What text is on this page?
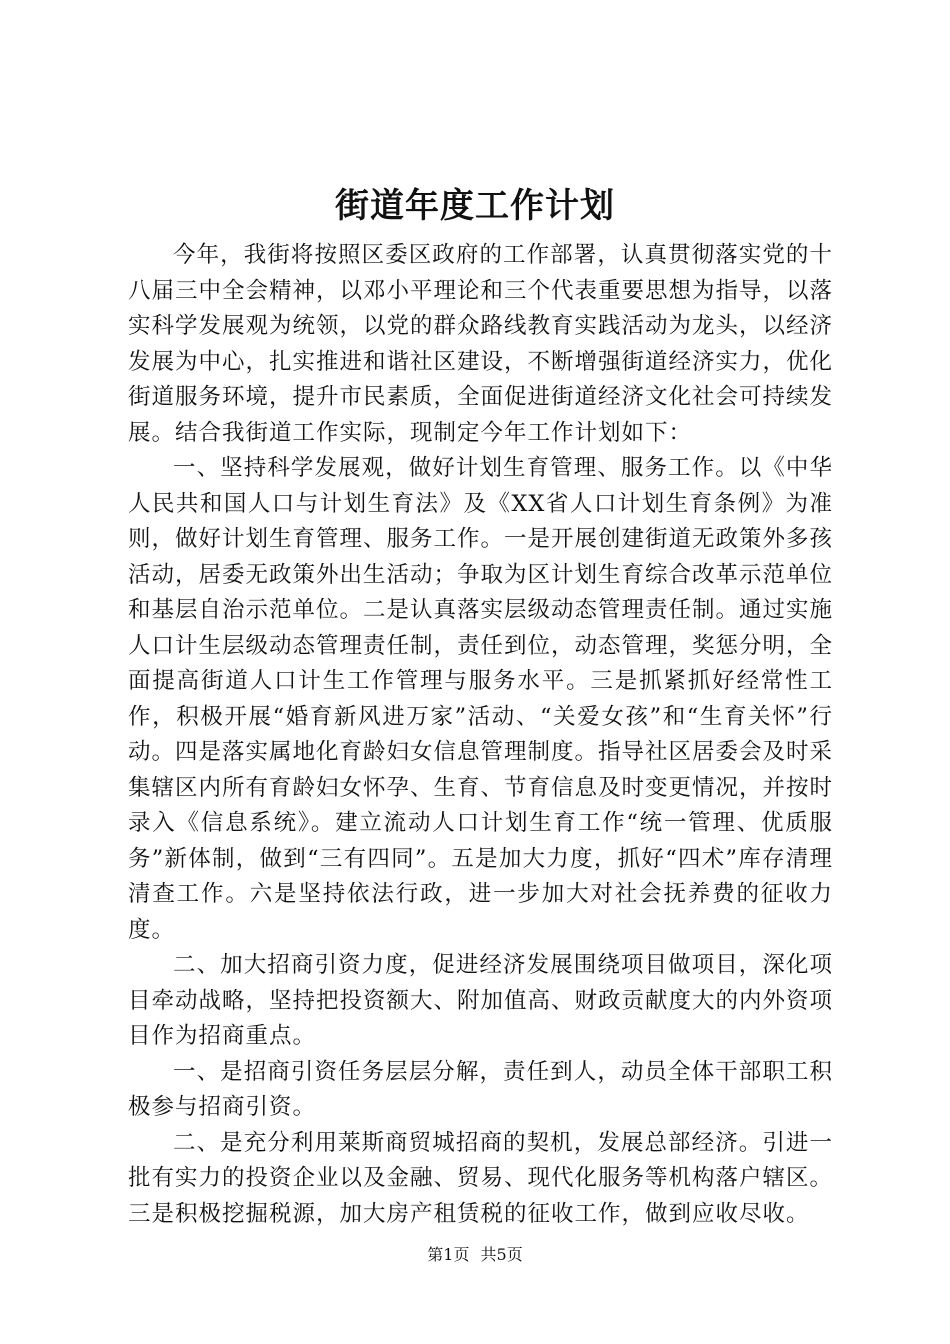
街道年度工作计划

今年，我街将按照区委区政府的工作部署，认真贯彻落实党的十八届三中全会精神，以邓小平理论和三个代表重要思想为指导，以落实科学发展观为统领，以党的群众路线教育实践活动为龙头，以经济发展为中心，扎实推进和谐社区建设，不断增强街道经济实力，优化街道服务环境，提升市民素质，全面促进街道经济文化社会可持续发展。结合我街道工作实际，现制定今年工作计划如下：

一、坚持科学发展观，做好计划生育管理、服务工作。以《中华人民共和国人口与计划生育法》及《XX省人口计划生育条例》为准则，做好计划生育管理、服务工作。一是开展创建街道无政策外多孩活动，居委无政策外出生活动；争取为区计划生育综合改革示范单位和基层自治示范单位。二是认真落实层级动态管理责任制。通过实施人口计生层级动态管理责任制，责任到位，动态管理，奖惩分明，全面提高街道人口计生工作管理与服务水平。三是抓紧抓好经常性工作，积极开展“婚育新风进万家”活动、“关爱女孩”和“生育关怀”行动。四是落实属地化育龄妇女信息管理制度。指导社区居委会及时采集辖区内所有育龄妇女怀孕、生育、节育信息及时变更情况，并按时录入《信息系统》。建立流动人口计划生育工作“统一管理、优质服务”新体制，做到“三有四同”。五是加大力度，抓好“四术”库存清理清查工作。六是坚持依法行政，进一步加大对社会抚养费的征收力度。

二、加大招商引资力度，促进经济发展围绕项目做项目，深化项目牵动战略，坚持把投资额大、附加值高、财政贡献度大的内外资项目作为招商重点。

一、是招商引资任务层层分解，责任到人，动员全体干部职工积极参与招商引资。

二、是充分利用莱斯商贸城招商的契机，发展总部经济。引进一批有实力的投资企业以及金融、贸易、现代化服务等机构落户辖区。三是积极挖掘税源，加大房产租赁税的征收工作，做到应收尽收。

第1页 共5页
